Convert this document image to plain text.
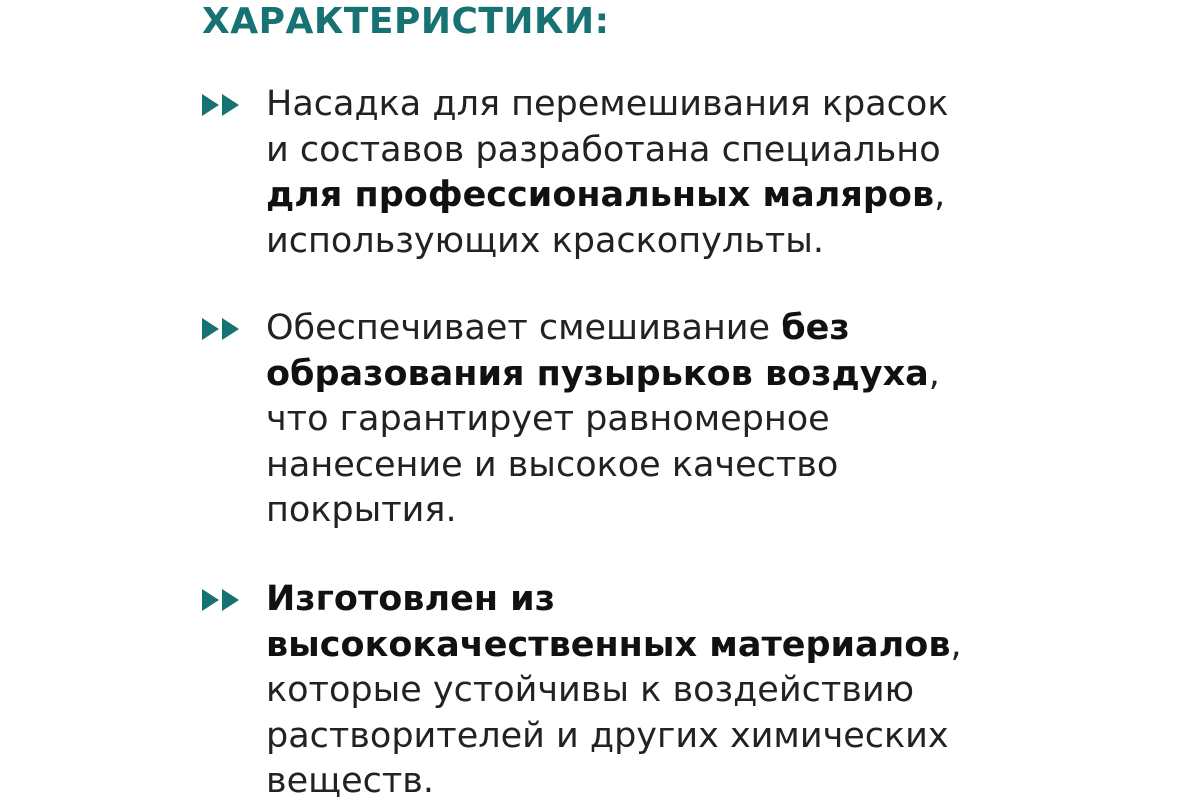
ХАРАКТЕРИСТИКИ:
Насадка для перемешивания красок
и составов разработана специально
для профессиональных маляров,
использующих краскопульты.
Обеспечивает смешивание без
образования пузырьков воздуха,
что гарантирует равномерное
нанесение и высокое качество
покрытия.
Изготовлен из
высококачественных материалов,
которые устойчивы к воздействию
растворителей и других химических
веществ.
